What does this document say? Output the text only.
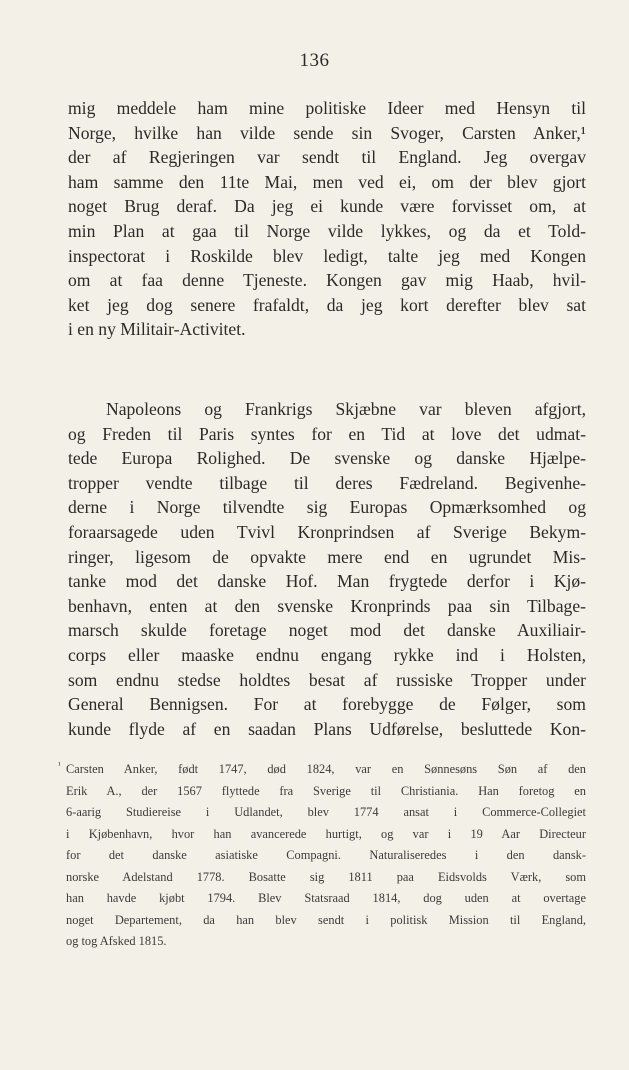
136
mig meddele ham mine politiske Ideer med Hensyn til
Norge, hvilke han vilde sende sin Svoger, Carsten Anker,¹
der af Regjeringen var sendt til England. Jeg overgav
ham samme den 11te Mai, men ved ei, om der blev gjort
noget Brug deraf. Da jeg ei kunde være forvisset om, at
min Plan at gaa til Norge vilde lykkes, og da et Told-
inspectorat i Roskilde blev ledigt, talte jeg med Kongen
om at faa denne Tjeneste. Kongen gav mig Haab, hvil-
ket jeg dog senere frafaldt, da jeg kort derefter blev sat
i en ny Militair-Activitet.
Napoleons og Frankrigs Skjæbne var bleven afgjort,
og Freden til Paris syntes for en Tid at love det udmat-
tede Europa Rolighed. De svenske og danske Hjælpe-
tropper vendte tilbage til deres Fædreland. Begivenhe-
derne i Norge tilvendte sig Europas Opmærksomhed og
foraarsagede uden Tvivl Kronprindsen af Sverige Bekym-
ringer, ligesom de opvakte mere end en ugrundet Mis-
tanke mod det danske Hof. Man frygtede derfor i Kjø-
benhavn, enten at den svenske Kronprinds paa sin Tilbage-
marsch skulde foretage noget mod det danske Auxiliair-
corps eller maaske endnu engang rykke ind i Holsten,
som endnu stedse holdtes besat af russiske Tropper under
General Bennigsen. For at forebygge de Følger, som
kunde flyde af en saadan Plans Udførelse, besluttede Kon-
¹ Carsten Anker, født 1747, død 1824, var en Sønnesøns Søn af den
Erik A., der 1567 flyttede fra Sverige til Christiania. Han foretog en
6-aarig Studiereise i Udlandet, blev 1774 ansat i Commerce-Collegiet
i Kjøbenhavn, hvor han avancerede hurtigt, og var i 19 Aar Directeur
for det danske asiatiske Compagni. Naturaliseredes i den dansk-
norske Adelstand 1778. Bosatte sig 1811 paa Eidsvolds Værk, som
han havde kjøbt 1794. Blev Statsraad 1814, dog uden at overtage
noget Departement, da han blev sendt i politisk Mission til England,
og tog Afsked 1815.
